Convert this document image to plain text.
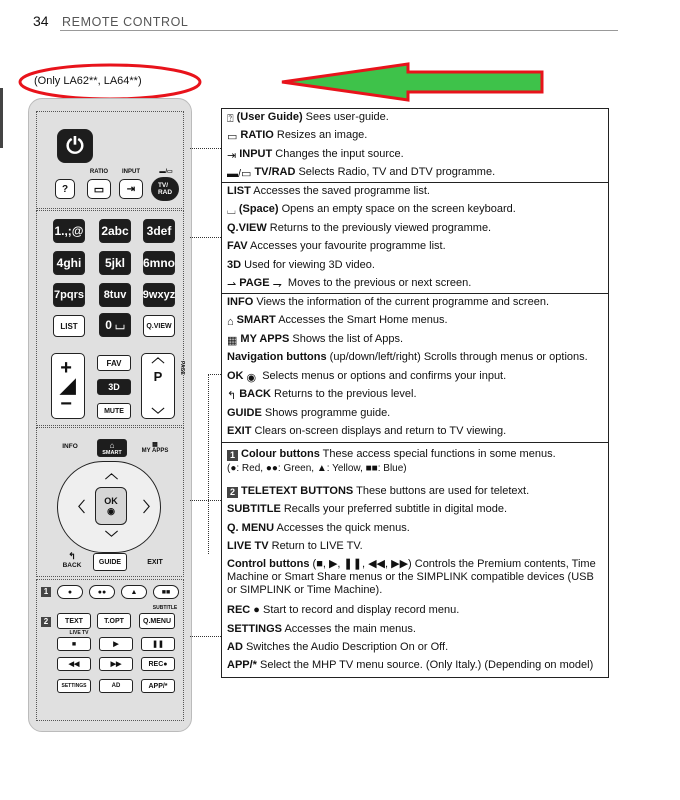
34 REMOTE CONTROL
(Only LA62**, LA64**)
⏻
RATIO	INPUT	▬/▭
?	▭	⇥	TV/
RAD
1.,;@ 2abc	3def
4ghi	5jkl	6mno
7pqrs	8tuv	9wxyz
LIST	0 ⌴	Q.VIEW
+
◢
−
FAV
3D
MUTE
︿

P

﹀
PAGE
INFO	⌂
SMART
▦
MY APPS
︿
﹀
〈	〉
OK
◉
↰
BACK	GUIDE	EXIT
1	●	●●	▲	■■
SUBTITLE
2	TEXT	T.OPT	Q.MENU
LIVE TV
■	▶	❚❚
◀◀	▶▶	REC ●
SETTINGS	AD	APP/*
⍰ (User Guide) Sees user-guide.
▭ RATIO Resizes an image.
⇥ INPUT Changes the input source.
▬/▭ TV/RAD Selects Radio, TV and DTV programme.
LIST Accesses the saved programme list.
⌴ (Space) Opens an empty space on the screen keyboard.
Q.VIEW Returns to the previously viewed programme.
FAV Accesses your favourite programme list.
3D Used for viewing 3D video.
⇀ PAGE ⇁ Moves to the previous or next screen.
INFO Views the information of the current programme and screen.
⌂ SMART Accesses the Smart Home menus.
▦ MY APPS Shows the list of Apps.
Navigation buttons (up/down/left/right) Scrolls through menus or options.
OK ◉ Selects menus or options and confirms your input.
↰ BACK Returns to the previous level.
GUIDE Shows programme guide.
EXIT Clears on-screen displays and return to TV viewing.
1 Colour buttons These access special functions in some menus.
(●: Red, ●●: Green, ▲: Yellow, ■■: Blue)
2 TELETEXT BUTTONS These buttons are used for teletext.
SUBTITLE Recalls your preferred subtitle in digital mode.
Q. MENU Accesses the quick menus.
LIVE TV Return to LIVE TV.
Control buttons (■, ▶, ❚❚, ◀◀, ▶▶) Controls the Premium contents, Time Machine or Smart Share menus or the SIMPLINK compatible devices (USB or SIMPLINK or Time Machine).
REC ● Start to record and display record menu.
SETTINGS Accesses the main menus.
AD Switches the Audio Description On or Off.
APP/* Select the MHP TV menu source. (Only Italy.) (Depending on model)
